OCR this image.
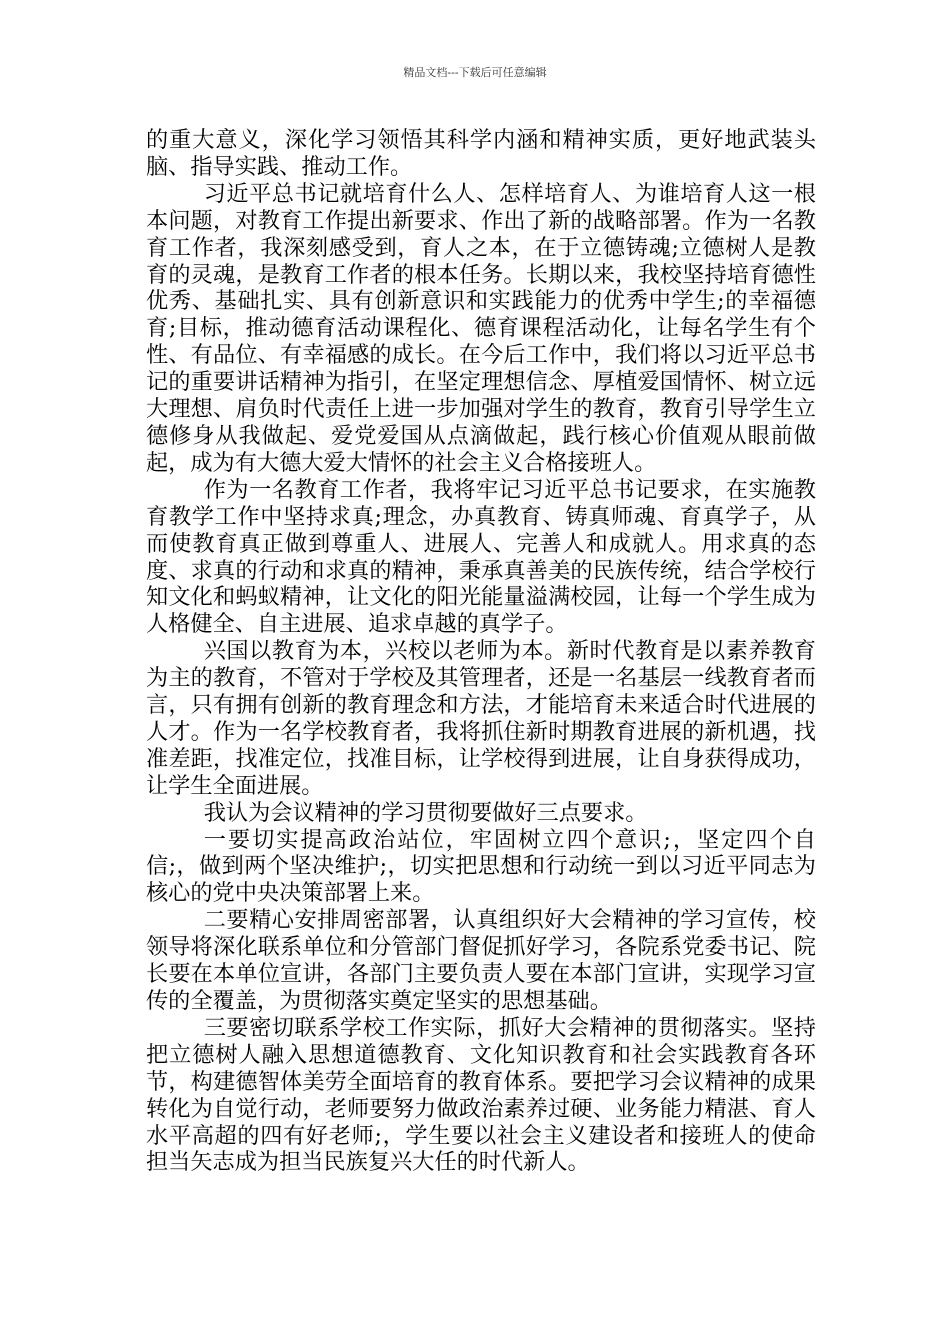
精品文档---下载后可任意编辑

的重大意义，深化学习领悟其科学内涵和精神实质，更好地武装头脑、指导实践、推动工作。

习近平总书记就培育什么人、怎样培育人、为谁培育人这一根本问题，对教育工作提出新要求、作出了新的战略部署。作为一名教育工作者，我深刻感受到，育人之本，在于立德铸魂;立德树人是教育的灵魂，是教育工作者的根本任务。长期以来，我校坚持培育德性优秀、基础扎实、具有创新意识和实践能力的优秀中学生;的幸福德育;目标，推动德育活动课程化、德育课程活动化，让每名学生有个性、有品位、有幸福感的成长。在今后工作中，我们将以习近平总书记的重要讲话精神为指引，在坚定理想信念、厚植爱国情怀、树立远大理想、肩负时代责任上进一步加强对学生的教育，教育引导学生立德修身从我做起、爱党爱国从点滴做起，践行核心价值观从眼前做起，成为有大德大爱大情怀的社会主义合格接班人。

作为一名教育工作者，我将牢记习近平总书记要求，在实施教育教学工作中坚持求真;理念，办真教育、铸真师魂、育真学子，从而使教育真正做到尊重人、进展人、完善人和成就人。用求真的态度、求真的行动和求真的精神，秉承真善美的民族传统，结合学校行知文化和蚂蚁精神，让文化的阳光能量溢满校园，让每一个学生成为人格健全、自主进展、追求卓越的真学子。

兴国以教育为本，兴校以老师为本。新时代教育是以素养教育为主的教育，不管对于学校及其管理者，还是一名基层一线教育者而言，只有拥有创新的教育理念和方法，才能培育未来适合时代进展的人才。作为一名学校教育者，我将抓住新时期教育进展的新机遇，找准差距，找准定位，找准目标，让学校得到进展，让自身获得成功，让学生全面进展。

我认为会议精神的学习贯彻要做好三点要求。

一要切实提高政治站位，牢固树立四个意识;，坚定四个自信;，做到两个坚决维护;，切实把思想和行动统一到以习近平同志为核心的党中央决策部署上来。

二要精心安排周密部署，认真组织好大会精神的学习宣传，校领导将深化联系单位和分管部门督促抓好学习，各院系党委书记、院长要在本单位宣讲，各部门主要负责人要在本部门宣讲，实现学习宣传的全覆盖，为贯彻落实奠定坚实的思想基础。

三要密切联系学校工作实际，抓好大会精神的贯彻落实。坚持把立德树人融入思想道德教育、文化知识教育和社会实践教育各环节，构建德智体美劳全面培育的教育体系。要把学习会议精神的成果转化为自觉行动，老师要努力做政治素养过硬、业务能力精湛、育人水平高超的四有好老师;，学生要以社会主义建设者和接班人的使命担当矢志成为担当民族复兴大任的时代新人。
